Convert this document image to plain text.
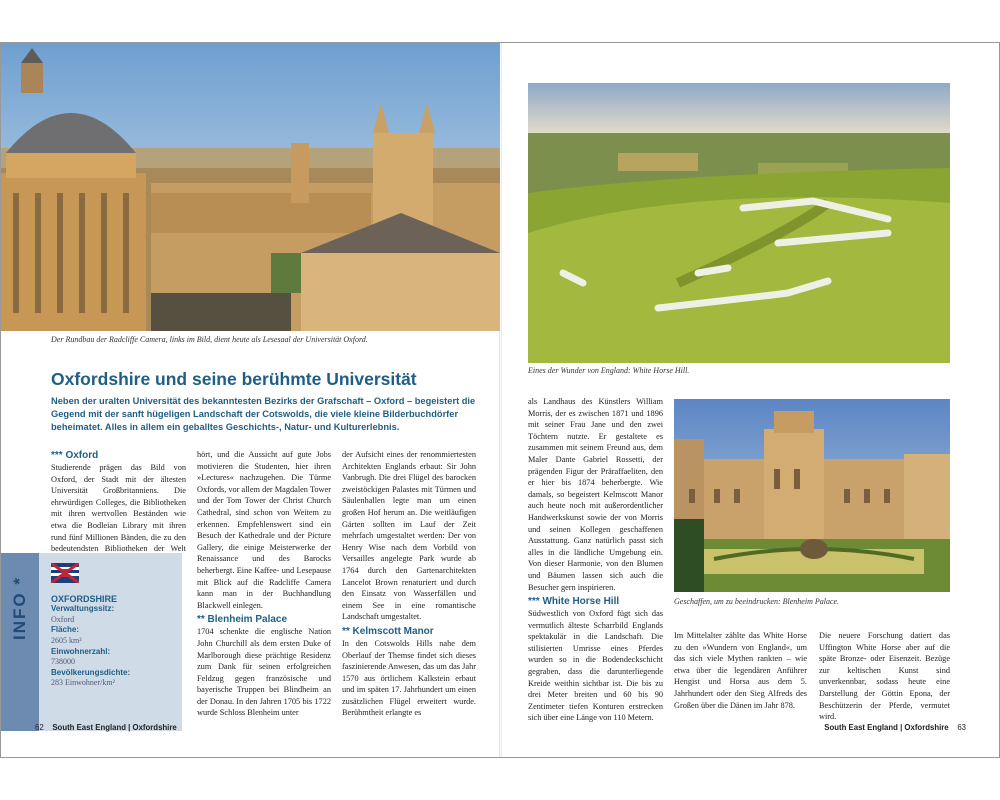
Der Rundbau der Radcliffe Camera, links im Bild, dient heute als Lesesaal der Universität Oxford.
Oxfordshire und seine berühmte Universität
Neben der uralten Universität des bekanntesten Bezirks der Grafschaft – Oxford – begeistert die Gegend mit der sanft hügeligen Landschaft der Cotswolds, die viele kleine Bilderbuchdörfer beheimatet. Alles in allem ein geballtes Geschichts-, Natur- und Kulturerlebnis.
*** Oxford
Studierende prägen das Bild von Oxford, der Stadt mit der ältesten Universität Großbritanniens. Die ehrwürdigen Colleges, die Bibliotheken mit ihren wertvollen Beständen wie etwa die Bodleian Library mit ihren rund fünf Millionen Bänden, die zu den bedeutendsten Bibliotheken der Welt
hört, und die Aussicht auf gute Jobs motivieren die Studenten, hier ihren »Lectures« nachzugehen. Die Türme Oxfords, vor allem der Magdalen Tower und der Tom Tower der Christ Church Cathedral, sind schon von Weitem zu erkennen. Empfehlenswert sind ein Besuch der Kathedrale und der Picture Gallery, die einige Meisterwerke der Renaissance und des Barocks beherbergt. Eine Kaffee- und Lesepause mit Blick auf die Radcliffe Camera kann man in der Buchhandlung Blackwell einlegen.
** Blenheim Palace
1704 schenkte die englische Nation John Churchill als dem ersten Duke of Marlborough diese prächtige Residenz zum Dank für seinen erfolgreichen Feldzug gegen französische und bayerische Truppen bei Blindheim an der Donau. In den Jahren 1705 bis 1722 wurde Schloss Blenheim unter
der Aufsicht eines der renommiertesten Architekten Englands erbaut: Sir John Vanbrugh. Die drei Flügel des barocken zweistöckigen Palastes mit Türmen und Säulenhallen legte man um einen großen Hof herum an. Die weitläufigen Gärten sollten im Lauf der Zeit mehrfach umgestaltet werden: Der von Henry Wise nach dem Vorbild von Versailles angelegte Park wurde ab 1764 durch den Gartenarchitekten Lancelot Brown renaturiert und durch den Einsatz von Wasserfällen und einem See in eine romantische Landschaft umgestaltet.
** Kelmscott Manor
In den Cotswolds Hills nahe dem Oberlauf der Themse findet sich dieses faszinierende Anwesen, das um das Jahr 1570 aus örtlichem Kalkstein erbaut und im späten 17. Jahrhundert um einen zusätzlichen Flügel erweitert wurde. Berühmtheit erlangte es
INFO *	OXFORDSHIRE
Verwaltungssitz:
Oxford
Fläche:
2605 km²
Einwohnerzahl:
738000
Bevölkerungsdichte:
283 Einwohner/km²
62 South East England | Oxfordshire
Eines der Wunder von England: White Horse Hill.
als Landhaus des Künstlers William Morris, der es zwischen 1871 und 1896 mit seiner Frau Jane und den zwei Töchtern nutzte. Er gestaltete es zusammen mit seinem Freund aus, dem Maler Dante Gabriel Rossetti, der prägenden Figur der Präraffaeliten, den er hier bis 1874 beherbergte. Wie damals, so begeistert Kelmscott Manor auch heute noch mit außerordentlicher Handwerkskunst sowie der von Morris und seinen Kollegen geschaffenen Ausstattung. Ganz natürlich passt sich alles in die ländliche Umgebung ein. Von dieser Harmonie, von den Blumen und Bäumen lassen sich auch die Besucher gern inspirieren.
*** White Horse Hill
Südwestlich von Oxford fügt sich das vermutlich älteste Scharrbild Englands spektakulär in die Landschaft. Die stilisierten Umrisse eines Pferdes wurden so in die Bodendeckschicht gegraben, dass die darunterliegende Kreide weithin sichtbar ist. Die bis zu drei Meter breiten und 60 bis 90 Zentimeter tiefen Konturen erstrecken sich über eine Länge von 110 Metern.
Geschaffen, um zu beeindrucken: Blenheim Palace.
Im Mittelalter zählte das White Horse zu den »Wundern von England«, um das sich viele Mythen rankten – wie etwa über die legendären Anführer Hengist und Horsa aus dem 5. Jahrhundert oder den Sieg Alfreds des Großen über die Dänen im Jahr 878.
Die neuere Forschung datiert das Uffington White Horse aber auf die späte Bronze- oder Eisenzeit. Bezüge zur keltischen Kunst sind unverkennbar, sodass heute eine Darstellung der Göttin Epona, der Beschützerin der Pferde, vermutet wird.
South East England | Oxfordshire 63
